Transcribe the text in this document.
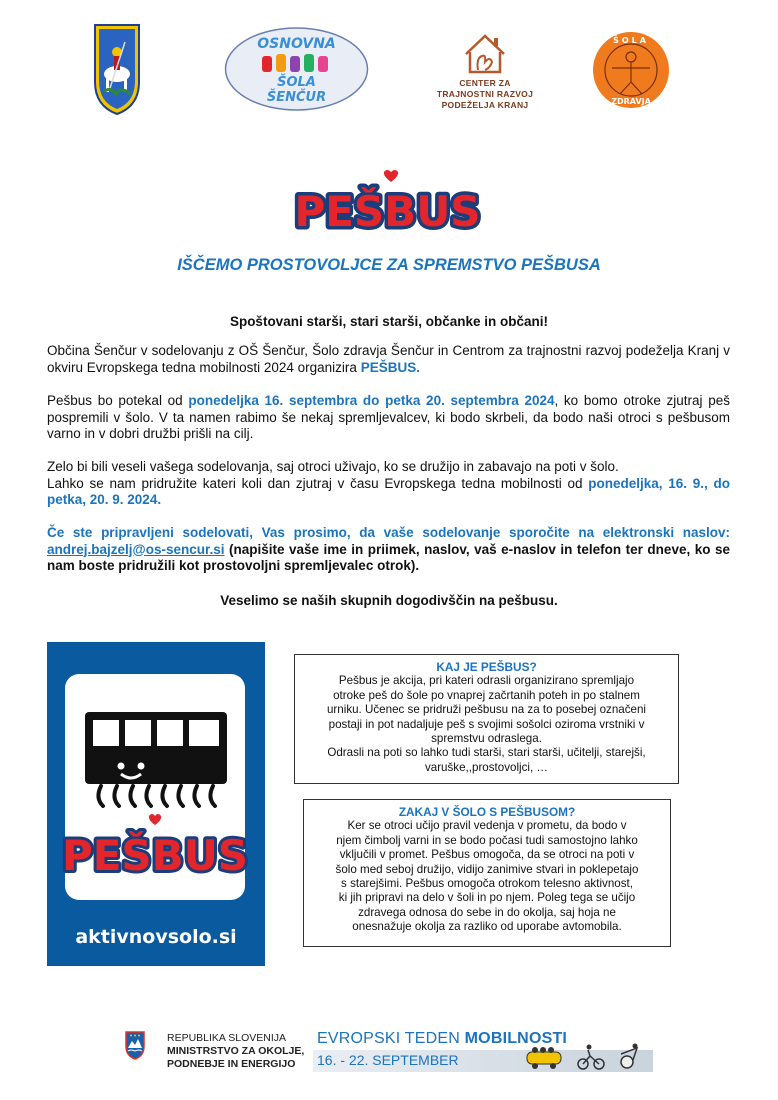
OSNOVNA
ŠOLA
ŠENČUR
CENTER ZA
TRAJNOSTNI RAZVOJ
PODEŽELJA KRANJ
ŠOLA
ZDRAVJA
PEŠBUS
IŠČEMO PROSTOVOLJCE ZA SPREMSTVO PEŠBUSA
Spoštovani starši, stari starši, občanke in občani!
Občina Šenčur v sodelovanju z OŠ Šenčur, Šolo zdravja Šenčur in Centrom za trajnostni razvoj podeželja Kranj v okviru Evropskega tedna mobilnosti 2024 organizira PEŠBUS.
Pešbus bo potekal od ponedeljka 16. septembra do petka 20. septembra 2024, ko bomo otroke zjutraj peš pospremili v šolo. V ta namen rabimo še nekaj spremljevalcev, ki bodo skrbeli, da bodo naši otroci s pešbusom varno in v dobri družbi prišli na cilj.
Zelo bi bili veseli vašega sodelovanja, saj otroci uživajo, ko se družijo in zabavajo na poti v šolo.
Lahko se nam pridružite kateri koli dan zjutraj v času Evropskega tedna mobilnosti od ponedeljka, 16. 9., do petka, 20. 9. 2024.
Če ste pripravljeni sodelovati, Vas prosimo, da vaše sodelovanje sporočite na elektronski naslov: andrej.bajzelj@os-sencur.si (napišite vaše ime in priimek, naslov, vaš e-naslov in telefon ter dneve, ko se nam boste pridružili kot prostovoljni spremljevalec otrok).
Veselimo se naših skupnih dogodivščin na pešbusu.
PEŠBUS
aktivnovsolo.si
KAJ JE PEŠBUS?
Pešbus je akcija, pri kateri odrasli organizirano spremljajo
otroke peš do šole po vnaprej začrtanih poteh in po stalnem
urniku. Učenec se pridruži pešbusu na za to posebej označeni
postaji in pot nadaljuje peš s svojimi sošolci oziroma vrstniki v
spremstvu odraslega.
Odrasli na poti so lahko tudi starši, stari starši, učitelji, starejši,
varuške,,prostovoljci, …
ZAKAJ V ŠOLO S PEŠBUSOM?
Ker se otroci učijo pravil vedenja v prometu, da bodo v
njem čimbolj varni in se bodo počasi tudi samostojno lahko
vključili v promet. Pešbus omogoča, da se otroci na poti v
šolo med seboj družijo, vidijo zanimive stvari in poklepetajo
s starejšimi. Pešbus omogoča otrokom telesno aktivnost,
ki jih pripravi na delo v šoli in po njem. Poleg tega se učijo
zdravega odnosa do sebe in do okolja, saj hoja ne
onesnažuje okolja za razliko od uporabe avtomobila.
REPUBLIKA SLOVENIJA
MINISTRSTVO ZA OKOLJE,
PODNEBJE IN ENERGIJO
EVROPSKI TEDEN MOBILNOSTI
16. - 22. SEPTEMBER
